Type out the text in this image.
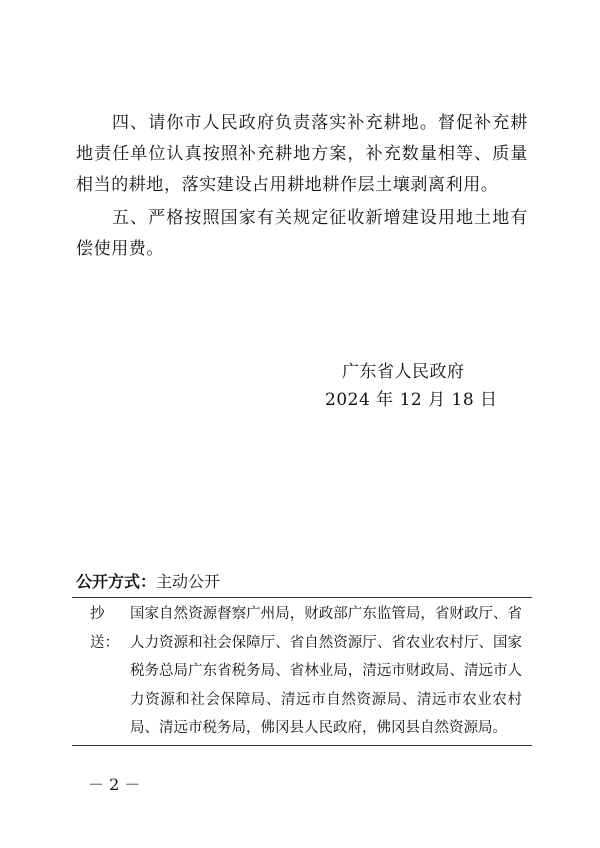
四、请你市人民政府负责落实补充耕地。督促补充耕地责任单位认真按照补充耕地方案，补充数量相等、质量相当的耕地，落实建设占用耕地耕作层土壤剥离利用。
五、严格按照国家有关规定征收新增建设用地土地有偿使用费。
广东省人民政府
2024 年 12 月 18 日
公开方式：主动公开
抄送：
国家自然资源督察广州局，财政部广东监管局，省财政厅、省人力资源和社会保障厅、省自然资源厅、省农业农村厅、国家税务总局广东省税务局、省林业局，清远市财政局、清远市人力资源和社会保障局、清远市自然资源局、清远市农业农村局、清远市税务局，佛冈县人民政府，佛冈县自然资源局。
－ 2 －
